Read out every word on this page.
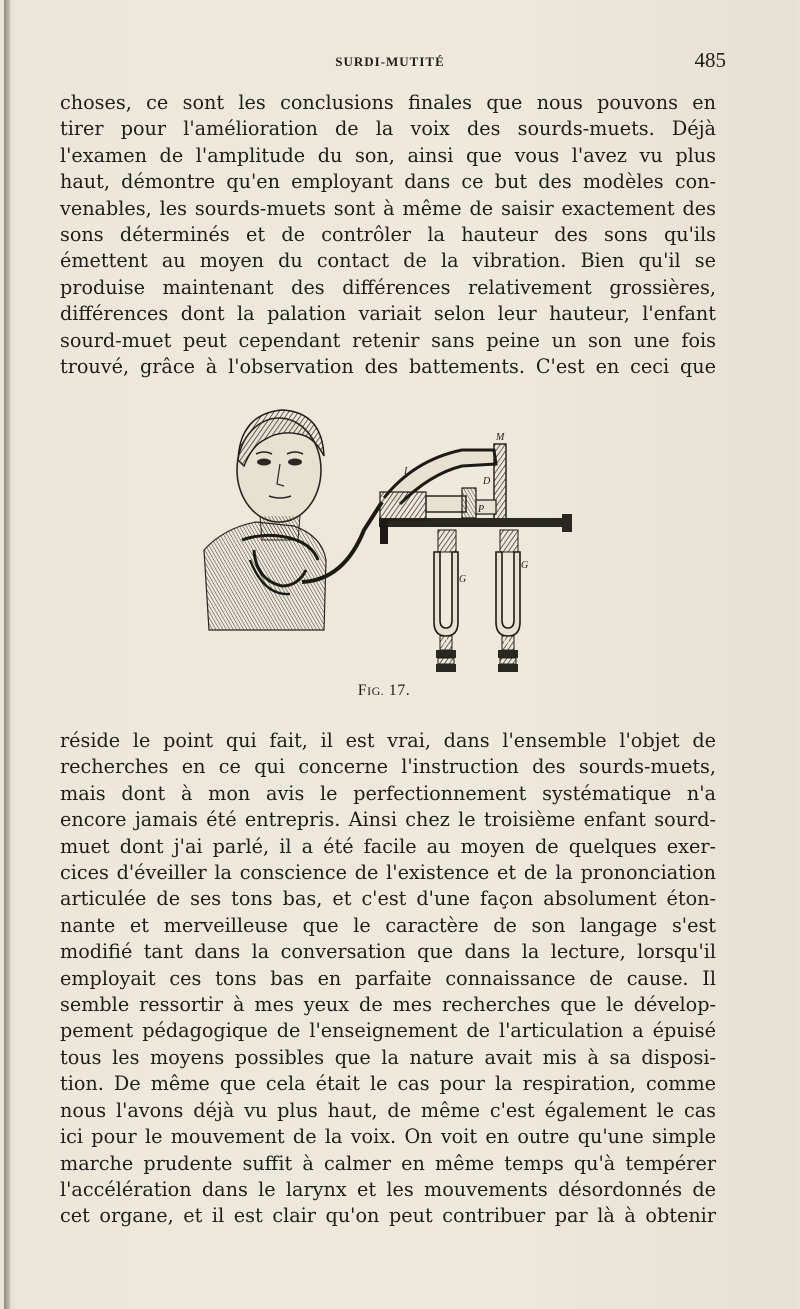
SURDI-MUTITÉ	485
choses, ce sont les conclusions finales que nous pouvons en
tirer pour l'amélioration de la voix des sourds-muets. Déjà
l'examen de l'amplitude du son, ainsi que vous l'avez vu plus
haut, démontre qu'en employant dans ce but des modèles con-
venables, les sourds-muets sont à même de saisir exactement des
sons déterminés et de contrôler la hauteur des sons qu'ils
émettent au moyen du contact de la vibration. Bien qu'il se
produise maintenant des différences relativement grossières,
différences dont la palation variait selon leur hauteur, l'enfant
sourd-muet peut cependant retenir sans peine un son une fois
trouvé, grâce à l'observation des battements. C'est en ceci que
I
M
D
P
G
G
Sl	Sl
FIG. 17.
réside le point qui fait, il est vrai, dans l'ensemble l'objet de
recherches en ce qui concerne l'instruction des sourds-muets,
mais dont à mon avis le perfectionnement systématique n'a
encore jamais été entrepris. Ainsi chez le troisième enfant sourd-
muet dont j'ai parlé, il a été facile au moyen de quelques exer-
cices d'éveiller la conscience de l'existence et de la prononciation
articulée de ses tons bas, et c'est d'une façon absolument éton-
nante et merveilleuse que le caractère de son langage s'est
modifié tant dans la conversation que dans la lecture, lorsqu'il
employait ces tons bas en parfaite connaissance de cause. Il
semble ressortir à mes yeux de mes recherches que le dévelop-
pement pédagogique de l'enseignement de l'articulation a épuisé
tous les moyens possibles que la nature avait mis à sa disposi-
tion. De même que cela était le cas pour la respiration, comme
nous l'avons déjà vu plus haut, de même c'est également le cas
ici pour le mouvement de la voix. On voit en outre qu'une simple
marche prudente suffit à calmer en même temps qu'à tempérer
l'accélération dans le larynx et les mouvements désordonnés de
cet organe, et il est clair qu'on peut contribuer par là à obtenir
